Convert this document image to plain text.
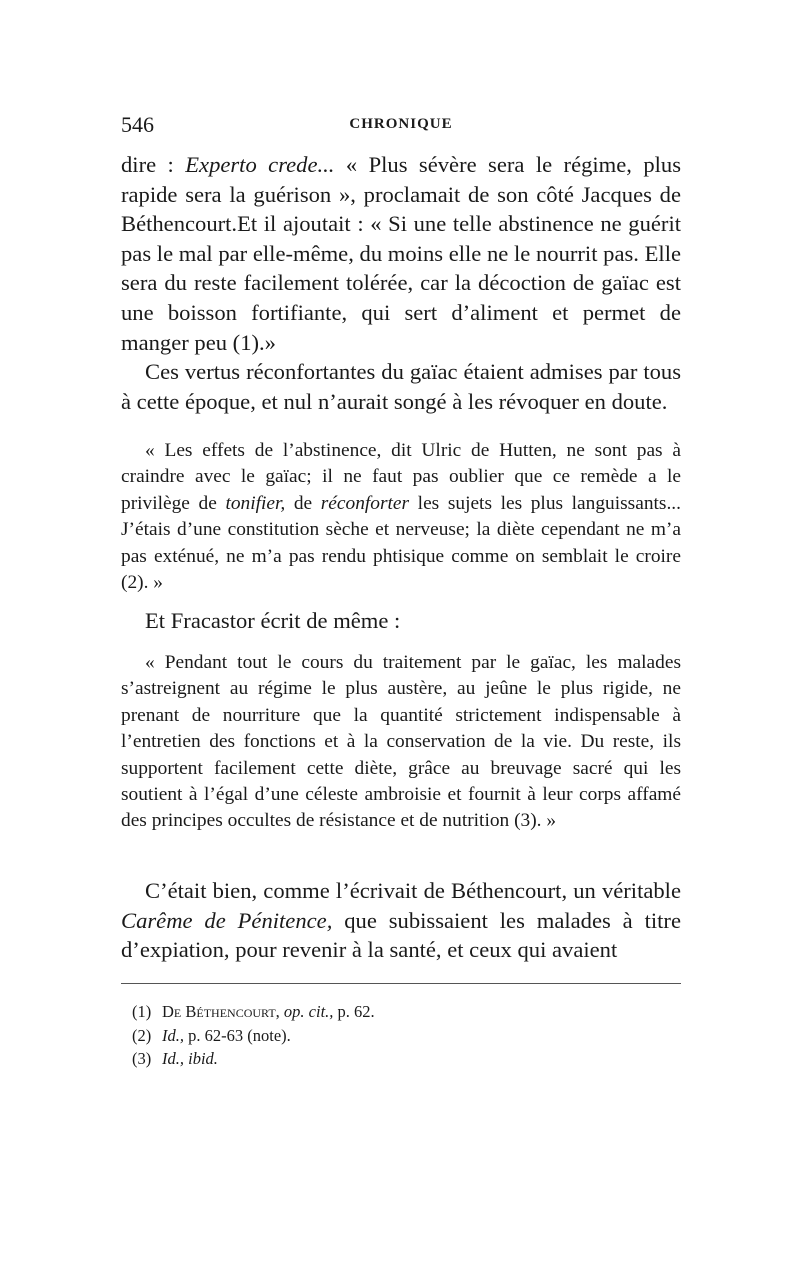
546	CHRONIQUE

dire : Experto crede... « Plus sévère sera le régime, plus rapide sera la guérison », proclamait de son côté Jacques de Béthencourt.Et il ajoutait : « Si une telle abstinence ne guérit pas le mal par elle-même, du moins elle ne le nourrit pas. Elle sera du reste facilement tolérée, car la décoction de gaïac est une boisson fortifiante, qui sert d’aliment et permet de manger peu (1).»

Ces vertus réconfortantes du gaïac étaient admises par tous à cette époque, et nul n’aurait songé à les révoquer en doute.

« Les effets de l’abstinence, dit Ulric de Hutten, ne sont pas à craindre avec le gaïac; il ne faut pas oublier que ce remède a le privilège de tonifier, de réconforter les sujets les plus languissants... J’étais d’une constitution sèche et nerveuse; la diète cependant ne m’a pas exténué, ne m’a pas rendu phtisique comme on semblait le croire (2). »

Et Fracastor écrit de même :

« Pendant tout le cours du traitement par le gaïac, les malades s’astreignent au régime le plus austère, au jeûne le plus rigide, ne prenant de nourriture que la quantité strictement indispensable à l’entretien des fonctions et à la conservation de la vie. Du reste, ils supportent facilement cette diète, grâce au breuvage sacré qui les soutient à l’égal d’une céleste ambroisie et fournit à leur corps affamé des principes occultes de résistance et de nutrition (3). »

C’était bien, comme l’écrivait de Béthencourt, un véritable Carême de Pénitence, que subissaient les malades à titre d’expiation, pour revenir à la santé, et ceux qui avaient

(1) De Béthencourt, op. cit., p. 62.

(2) Id., p. 62-63 (note).

(3) Id., ibid.
